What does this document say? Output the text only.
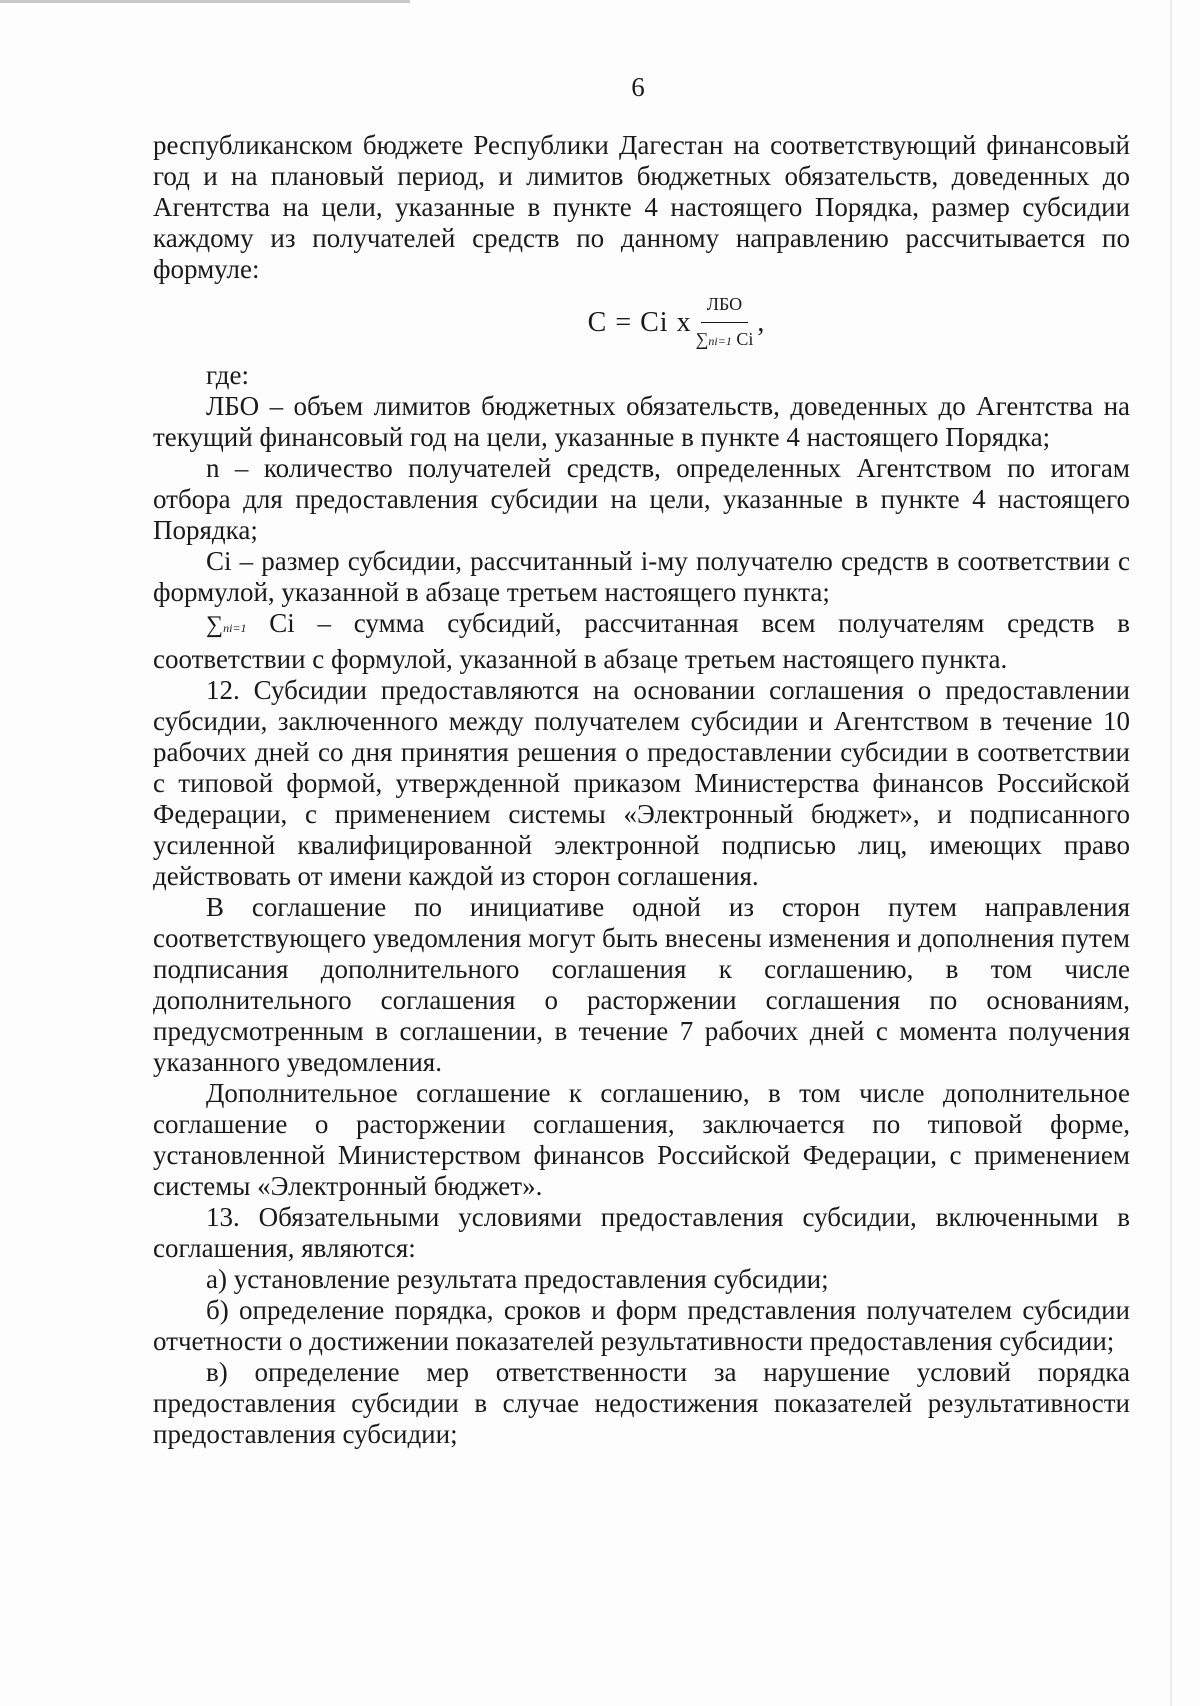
6

республиканском бюджете Республики Дагестан на соответствующий финансовый год и на плановый период, и лимитов бюджетных обязательств, доведенных до Агентства на цели, указанные в пункте 4 настоящего Порядка, размер субсидии каждому из получателей средств по данному направлению рассчитывается по формуле:

C = Ci x $\frac{\text{ЛБО}}{\sum ni=1 Ci}$ ,

где:

ЛБО – объем лимитов бюджетных обязательств, доведенных до Агентства на текущий финансовый год на цели, указанные в пункте 4 настоящего Порядка;

n – количество получателей средств, определенных Агентством по итогам отбора для предоставления субсидии на цели, указанные в пункте 4 настоящего Порядка;

Ci – размер субсидии, рассчитанный i-му получателю средств в соответствии с формулой, указанной в абзаце третьем настоящего пункта;

∑ni=1 Ci – сумма субсидий, рассчитанная всем получателям средств в соответствии с формулой, указанной в абзаце третьем настоящего пункта.

12. Субсидии предоставляются на основании соглашения о предоставлении субсидии, заключенного между получателем субсидии и Агентством в течение 10 рабочих дней со дня принятия решения о предоставлении субсидии в соответствии с типовой формой, утвержденной приказом Министерства финансов Российской Федерации, с применением системы «Электронный бюджет», и подписанного усиленной квалифицированной электронной подписью лиц, имеющих право действовать от имени каждой из сторон соглашения.

В соглашение по инициативе одной из сторон путем направления соответствующего уведомления могут быть внесены изменения и дополнения путем подписания дополнительного соглашения к соглашению, в том числе дополнительного соглашения о расторжении соглашения по основаниям, предусмотренным в соглашении, в течение 7 рабочих дней с момента получения указанного уведомления.

Дополнительное соглашение к соглашению, в том числе дополнительное соглашение о расторжении соглашения, заключается по типовой форме, установленной Министерством финансов Российской Федерации, с применением системы «Электронный бюджет».

13. Обязательными условиями предоставления субсидии, включенными в соглашения, являются:

а) установление результата предоставления субсидии;

б) определение порядка, сроков и форм представления получателем субсидии отчетности о достижении показателей результативности предоставления субсидии;

в) определение мер ответственности за нарушение условий порядка предоставления субсидии в случае недостижения показателей результативности предоставления субсидии;
